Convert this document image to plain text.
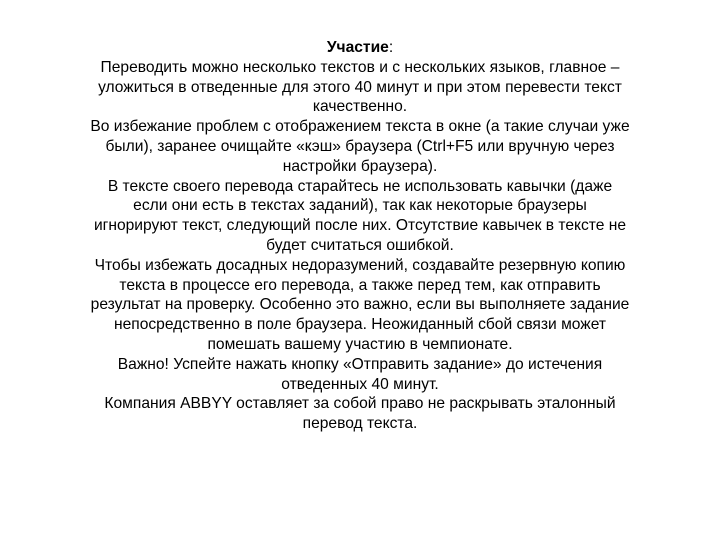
Участие:

Переводить можно несколько текстов и с нескольких языков, главное – уложиться в отведенные для этого 40 минут и при этом перевести текст качественно.

Во избежание проблем с отображением текста в окне (а такие случаи уже были), заранее очищайте «кэш» браузера (Ctrl+F5 или вручную через настройки браузера).

В тексте своего перевода старайтесь не использовать кавычки (даже если они есть в текстах заданий), так как некоторые браузеры игнорируют текст, следующий после них. Отсутствие кавычек в тексте не будет считаться ошибкой.

Чтобы избежать досадных недоразумений, создавайте резервную копию текста в процессе его перевода, а также перед тем, как отправить результат на проверку. Особенно это важно, если вы выполняете задание непосредственно в поле браузера. Неожиданный сбой связи может помешать вашему участию в чемпионате.

Важно! Успейте нажать кнопку «Отправить задание» до истечения отведенных 40 минут.

Компания ABBYY оставляет за собой право не раскрывать эталонный перевод текста.
